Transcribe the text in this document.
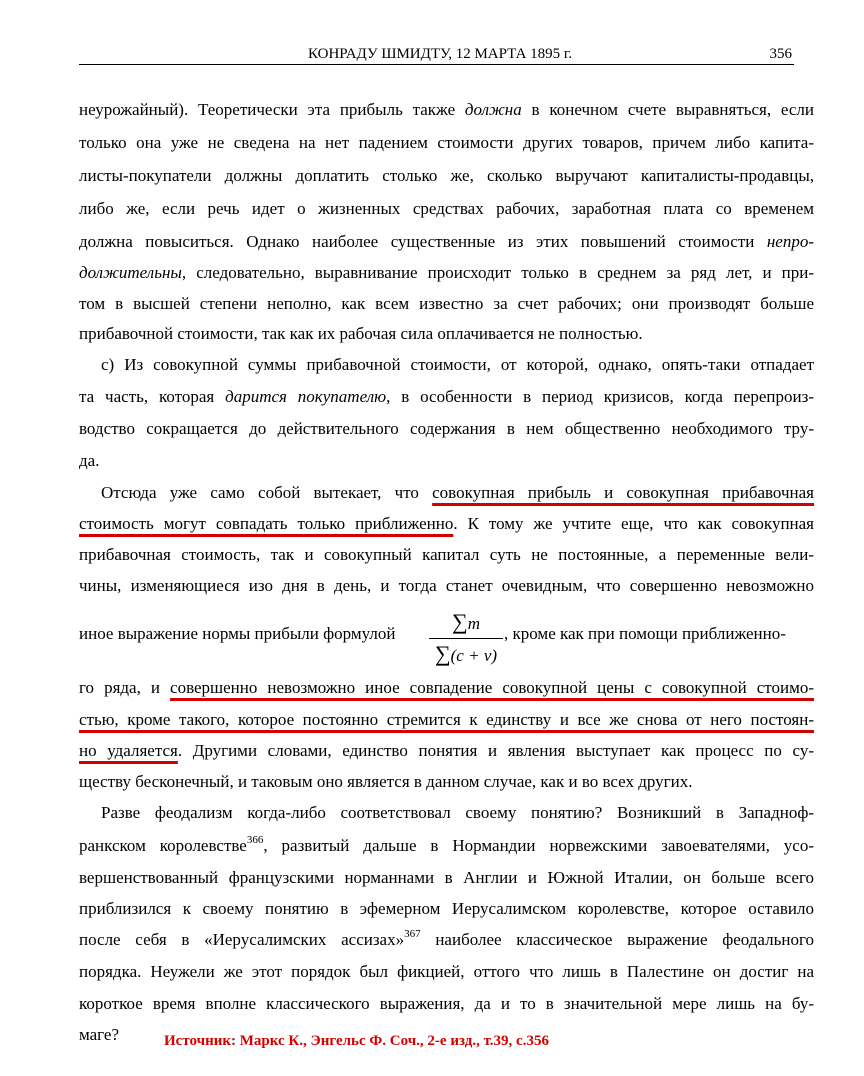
КОНРАДУ ШМИДТУ, 12 МАРТА 1895 г.	356
неурожайный). Теоретически эта прибыль также должна в конечном счете выравняться, если
только она уже не сведена на нет падением стоимости других товаров, причем либо капита-
листы-покупатели должны доплатить столько же, сколько выручают капиталисты-продавцы,
либо же, если речь идет о жизненных средствах рабочих, заработная плата со временем
должна повыситься. Однако наиболее существенные из этих повышений стоимости непро-
должительны, следовательно, выравнивание происходит только в среднем за ряд лет, и при-
том в высшей степени неполно, как всем известно за счет рабочих; они производят больше
прибавочной стоимости, так как их рабочая сила оплачивается не полностью.
c) Из совокупной суммы прибавочной стоимости, от которой, однако, опять-таки отпадает
та часть, которая дарится покупателю, в особенности в период кризисов, когда перепроиз-
водство сокращается до действительного содержания в нем общественно необходимого тру-
да.
Отсюда уже само собой вытекает, что совокупная прибыль и совокупная прибавочная
стоимость могут совпадать только приближенно. К тому же учтите еще, что как совокупная
прибавочная стоимость, так и совокупный капитал суть не постоянные, а переменные вели-
чины, изменяющиеся изо дня в день, и тогда станет очевидным, что совершенно невозможно
иное выражение нормы прибыли формулой	∑m
∑(c + v)
, кроме как при помощи приближенно-
го ряда, и совершенно невозможно иное совпадение совокупной цены с совокупной стоимо-
стью, кроме такого, которое постоянно стремится к единству и все же снова от него постоян-
но удаляется. Другими словами, единство понятия и явления выступает как процесс по су-
ществу бесконечный, и таковым оно является в данном случае, как и во всех других.
Разве феодализм когда-либо соответствовал своему понятию? Возникший в Западноф-
ранкском королевстве$^{366}$, развитый дальше в Нормандии норвежскими завоевателями, усо-
вершенствованный французскими норманнами в Англии и Южной Италии, он больше всего
приблизился к своему понятию в эфемерном Иерусалимском королевстве, которое оставило
после себя в «Иерусалимских ассизах»$^{367}$ наиболее классическое выражение феодального
порядка. Неужели же этот порядок был фикцией, оттого что лишь в Палестине он достиг на
короткое время вполне классического выражения, да и то в значительной мере лишь на бу-
маге?	Источник: Маркс К., Энгельс Ф. Соч., 2-е изд., т.39, с.356
